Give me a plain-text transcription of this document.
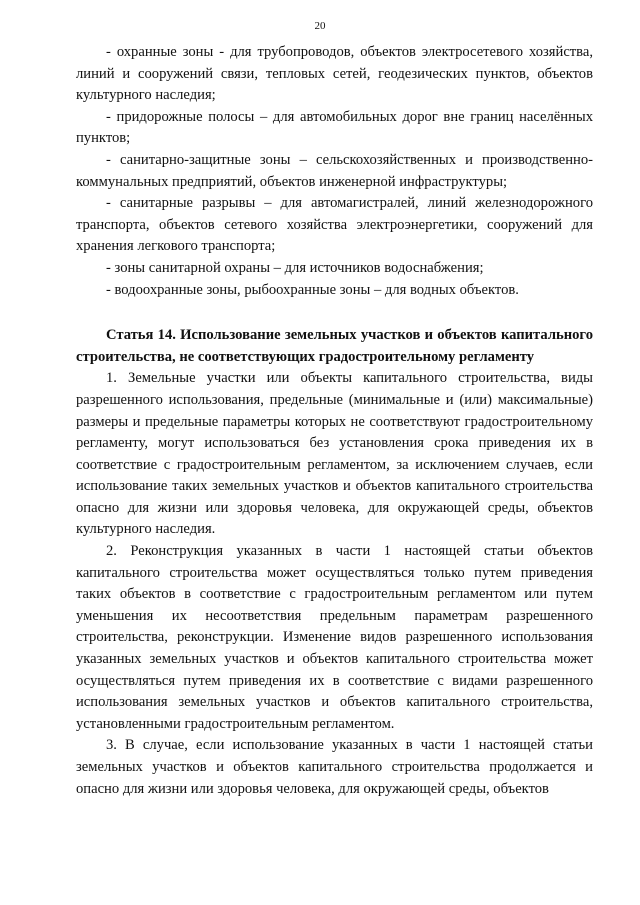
20

- охранные зоны - для трубопроводов, объектов электросетевого хозяйства, линий и сооружений связи, тепловых сетей, геодезических пунктов, объектов культурного наследия;

- придорожные полосы – для автомобильных дорог вне границ населённых пунктов;

- санитарно-защитные зоны – сельскохозяйственных и производственно-коммунальных предприятий, объектов инженерной инфраструктуры;

- санитарные разрывы – для автомагистралей, линий железнодорожного транспорта, объектов сетевого хозяйства электроэнергетики, сооружений для хранения легкового транспорта;

- зоны санитарной охраны – для источников водоснабжения;

- водоохранные зоны, рыбоохранные зоны – для водных объектов.

Статья 14. Использование земельных участков и объектов капитального строительства, не соответствующих градостроительному регламенту

1. Земельные участки или объекты капитального строительства, виды разрешенного использования, предельные (минимальные и (или) максимальные) размеры и предельные параметры которых не соответствуют градостроительному регламенту, могут использоваться без установления срока приведения их в соответствие с градостроительным регламентом, за исключением случаев, если использование таких земельных участков и объектов капитального строительства опасно для жизни или здоровья человека, для окружающей среды, объектов культурного наследия.

2. Реконструкция указанных в части 1 настоящей статьи объектов капитального строительства может осуществляться только путем приведения таких объектов в соответствие с градостроительным регламентом или путем уменьшения их несоответствия предельным параметрам разрешенного строительства, реконструкции. Изменение видов разрешенного использования указанных земельных участков и объектов капитального строительства может осуществляться путем приведения их в соответствие с видами разрешенного использования земельных участков и объектов капитального строительства, установленными градостроительным регламентом.

3. В случае, если использование указанных в части 1 настоящей статьи земельных участков и объектов капитального строительства продолжается и опасно для жизни или здоровья человека, для окружающей среды, объектов
